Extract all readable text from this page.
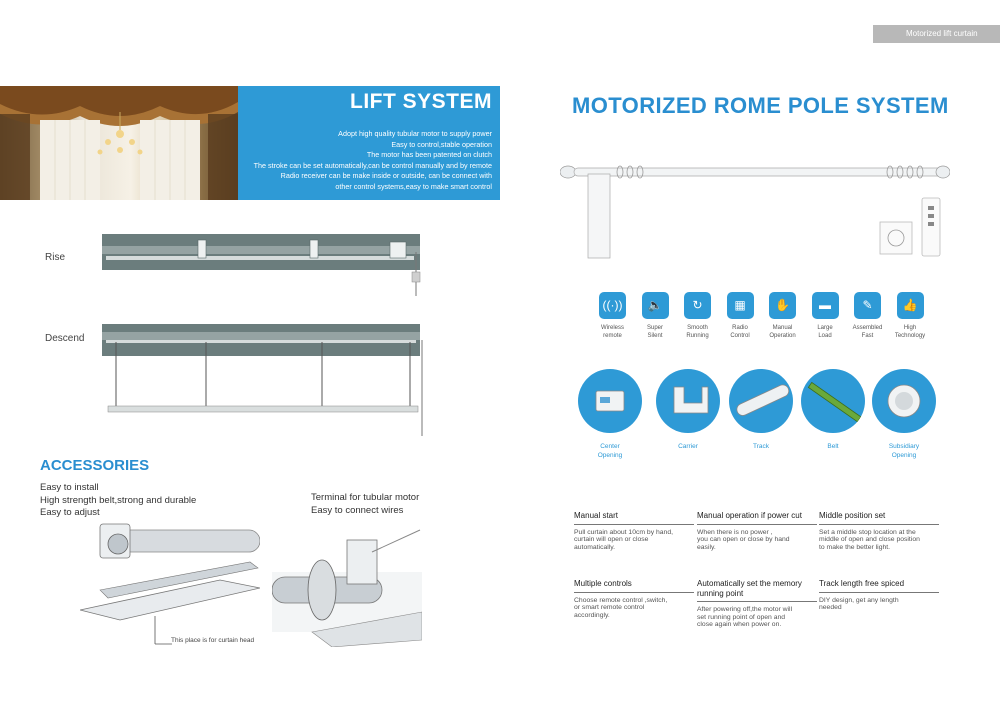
Motorized lift curtain
LIFT SYSTEM
Adopt high quality tubular motor to supply power
Easy to control,stable operation
The motor has been patented on clutch
The stroke can be set automatically,can be control manually and by remote
Radio receiver can be make inside or outside, can be connect with
other control systems,easy to make smart control
Rise
Descend
ACCESSORIES
Easy to install
High strength belt,strong and durable
Easy to adjust
Terminal for tubular motor
Easy to connect wires
This place is for curtain head
MOTORIZED ROME POLE SYSTEM
((·))
Wireless
remote
🔈
Super
Silent
↻
Smooth
Running
▦
Radio
Control
✋
Manual
Operation
▬
Large
Load
✎
Assembled
Fast
👍
High
Technology
Center
Opening
Carrier	Track	Belt	Subsidiary
Opening
Manual start
Pull curtain about 10cm by hand,
curtain will open or close
automatically.
Manual operation if power cut
When there is no power ,
you can open or close by hand
easily.
Middle position set
Set a middle stop location at the
middle of open and close position
to make the better light.
Multiple controls
Choose remote control ,switch,
or smart remote control
accordingly.
Automatically set the memory
running point
After powering off,the motor will
set running point of open and
close again when power on.
Track length free spiced
DIY design, get any length
needed
